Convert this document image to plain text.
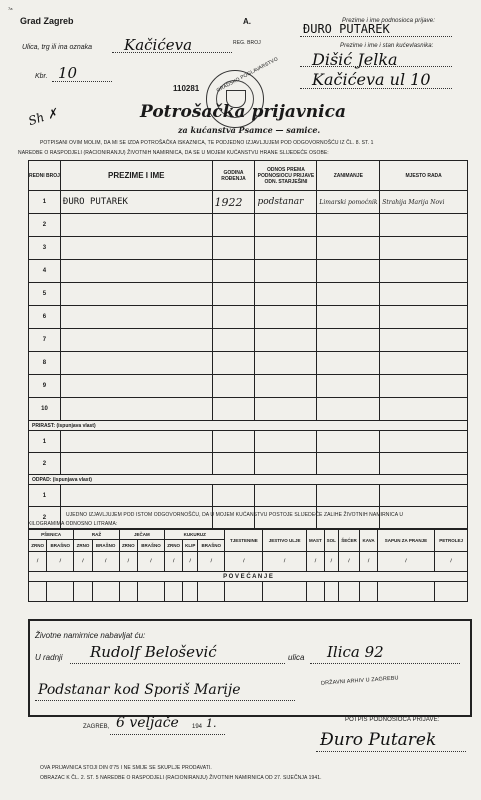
7a
Grad Zagreb
Ulica, trg ili ina oznaka Kačićeva
Kbr. 10
Sh ✗
A.
REG. BROJ
110281
ĐURO PUTAREK
Prezime i ime podnosioca prijave:
Prezime i ime i stan kućevlasnika:
Dišić Jelka
Kačićeva ul 10
GRADSKO POGLAVARSTVO
Potrošačka prijavnica
za kućanstva Psamce — samice.
POTPISANI OVIM MOLIM, DA MI SE IZDA POTROŠAČKA ISKAZNICA, TE PODJEDNO IZJAVLJUJEM POD ODGOVORNOŠĆU IZ ČL. 8. ST. 1
NAREDBE O RASPODJELI (RACIONIRANJU) ŽIVOTNIH NAMIRNICA, DA SE U MOJEM KUĆANSTVU HRANE SLIJEDEĆE OSOBE:
REDNI BROJ	PREZIME I IME	GODINA ROĐENJA	ODNOS PREMA PODNOSIOCU PRIJAVE ODN. STARJEŠINI	ZANIMANJE	MJESTO RADA
1	ĐURO PUTAREK	1922	podstanar	Limarski pomoćnik	Strahija Marija Novi
2					
3					
4					
5					
6					
7					
8					
9					
10					
PRIRAST: (ispunjava vlast)					
1					
2					
ODPAD: (ispunjava vlast)					
1					
2						UJEDNO IZJAVLJUJEM POD ISTOM ODGOVORNOŠĆU, DA U MOJEM KUĆANSTVU POSTOJE SLIJEDEĆE ZALIHE ŽIVOTNIH NAMIRNICA U
KILOGRAMIMA ODNOSNO LITRAMA:
PŠENICA		RAŽ		JEČAM		KUKURUZ			TJESTENINE	JESTIVO ULJE	MAST	SOL	ŠEĆER	KAVA	SAPUN ZA PRANJE	PETROLEJ
ZRNO	BRAŠNO	ZRNO	BRAŠNO	ZRNO	BRAŠNO	ZRNO	KLIP	BRAŠNO								
/	/	/	/	/	/	/	/	/	/	/	/	/	/	/	/	/
P O V E Ć A N J E																

Životne namirnice nabavljat ću:
U radnji Rudolf Belošević	ulica Ilica 92
Podstanar kod Sporiš Marije
DRŽAVNI ARHIV U ZAGREBU
ZAGREB, 6 veljače 194 1.	POTPIS PODNOSIOCA PRIJAVE:
Đuro Putarek
OVA PRIJAVNICA STOJI DIN 0'75 I NE SMIJE SE SKUPLJE PRODAVATI.
OBRAZAC K ČL. 2. ST. 5 NAREDBE O RASPODJELI (RACIONIRANJU) ŽIVOTNIH NAMIRNICA OD 27. SIJEČNJA 1941.
